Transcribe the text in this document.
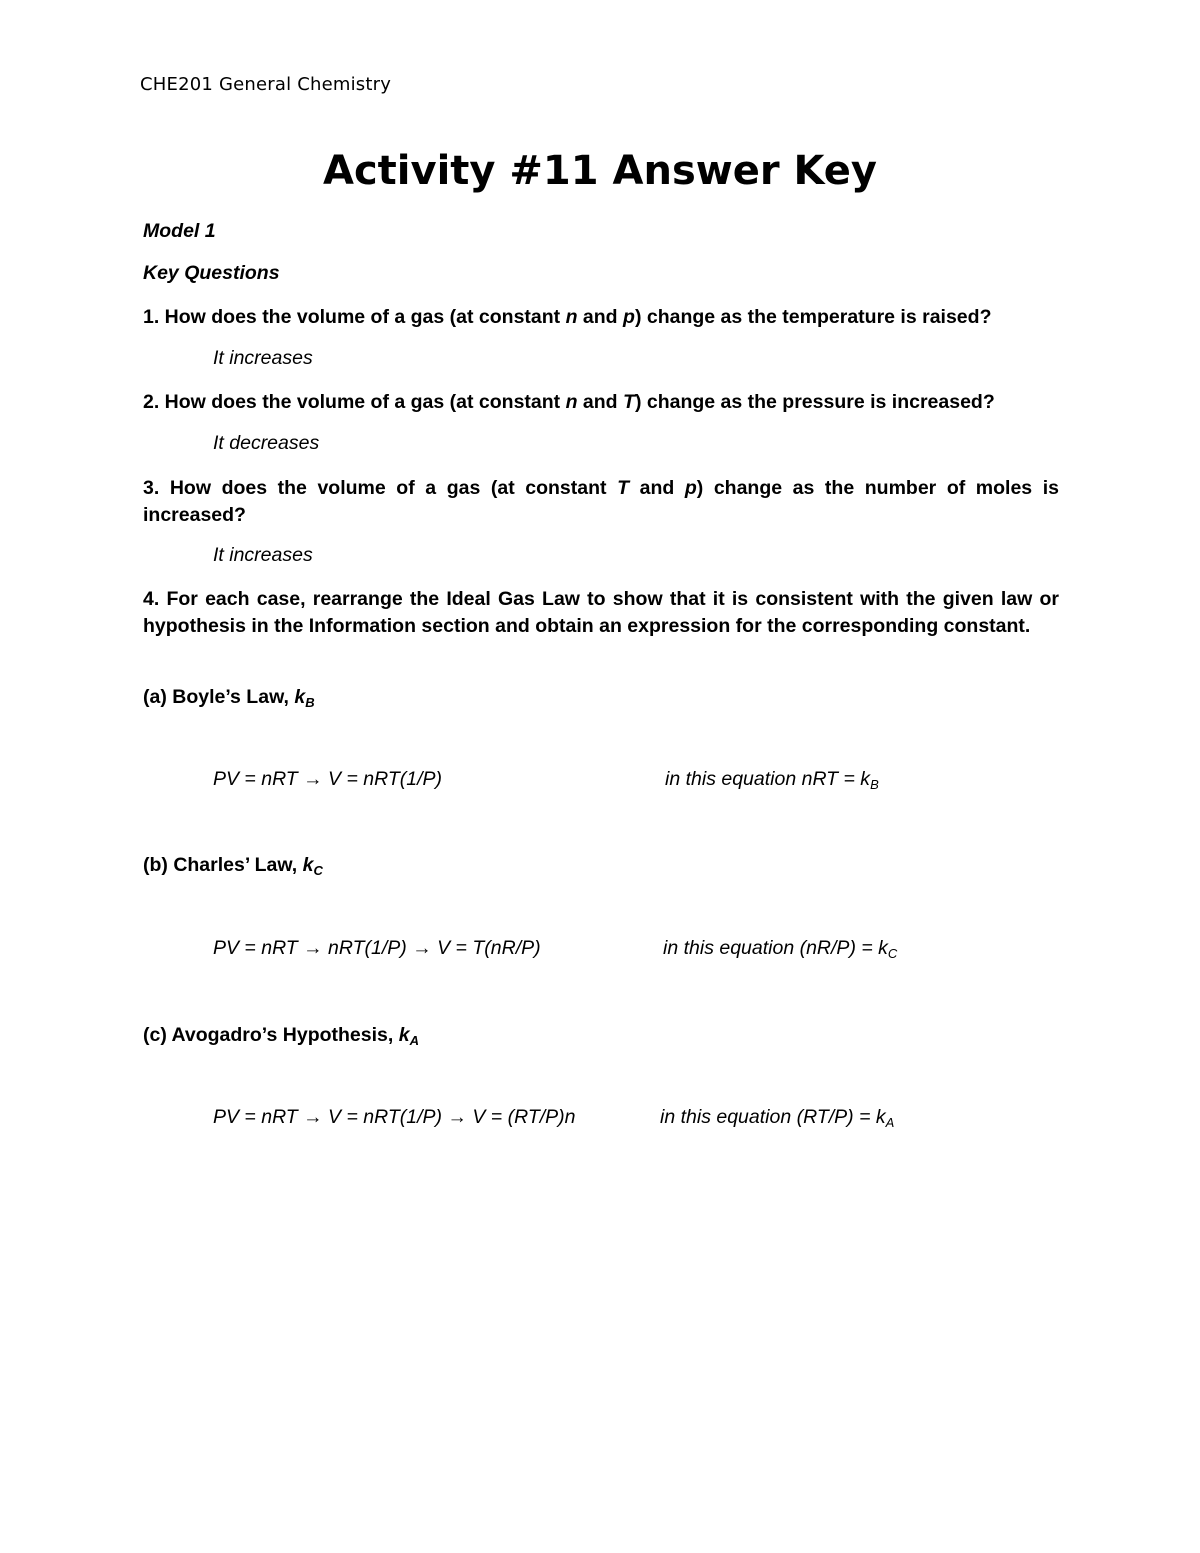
CHE201 General Chemistry
Activity #11 Answer Key
Model 1
Key Questions
1. How does the volume of a gas (at constant n and p) change as the temperature is raised?
It increases
2. How does the volume of a gas (at constant n and T) change as the pressure is increased?
It decreases
3. How does the volume of a gas (at constant T and p) change as the number of moles is increased?
It increases
4. For each case, rearrange the Ideal Gas Law to show that it is consistent with the given law or hypothesis in the Information section and obtain an expression for the corresponding constant.
(a) Boyle’s Law, $k_B$
PV = nRT → V = nRT(1/P)	in this equation nRT = $k_B$
(b) Charles’ Law, $k_C$
PV = nRT → nRT(1/P) → V = T(nR/P)	in this equation $(nR/P) = k_C$
(c) Avogadro’s Hypothesis, $k_A$
PV = nRT → V = nRT(1/P) → V = (RT/P)n	in this equation $(RT/P) = k_A$
